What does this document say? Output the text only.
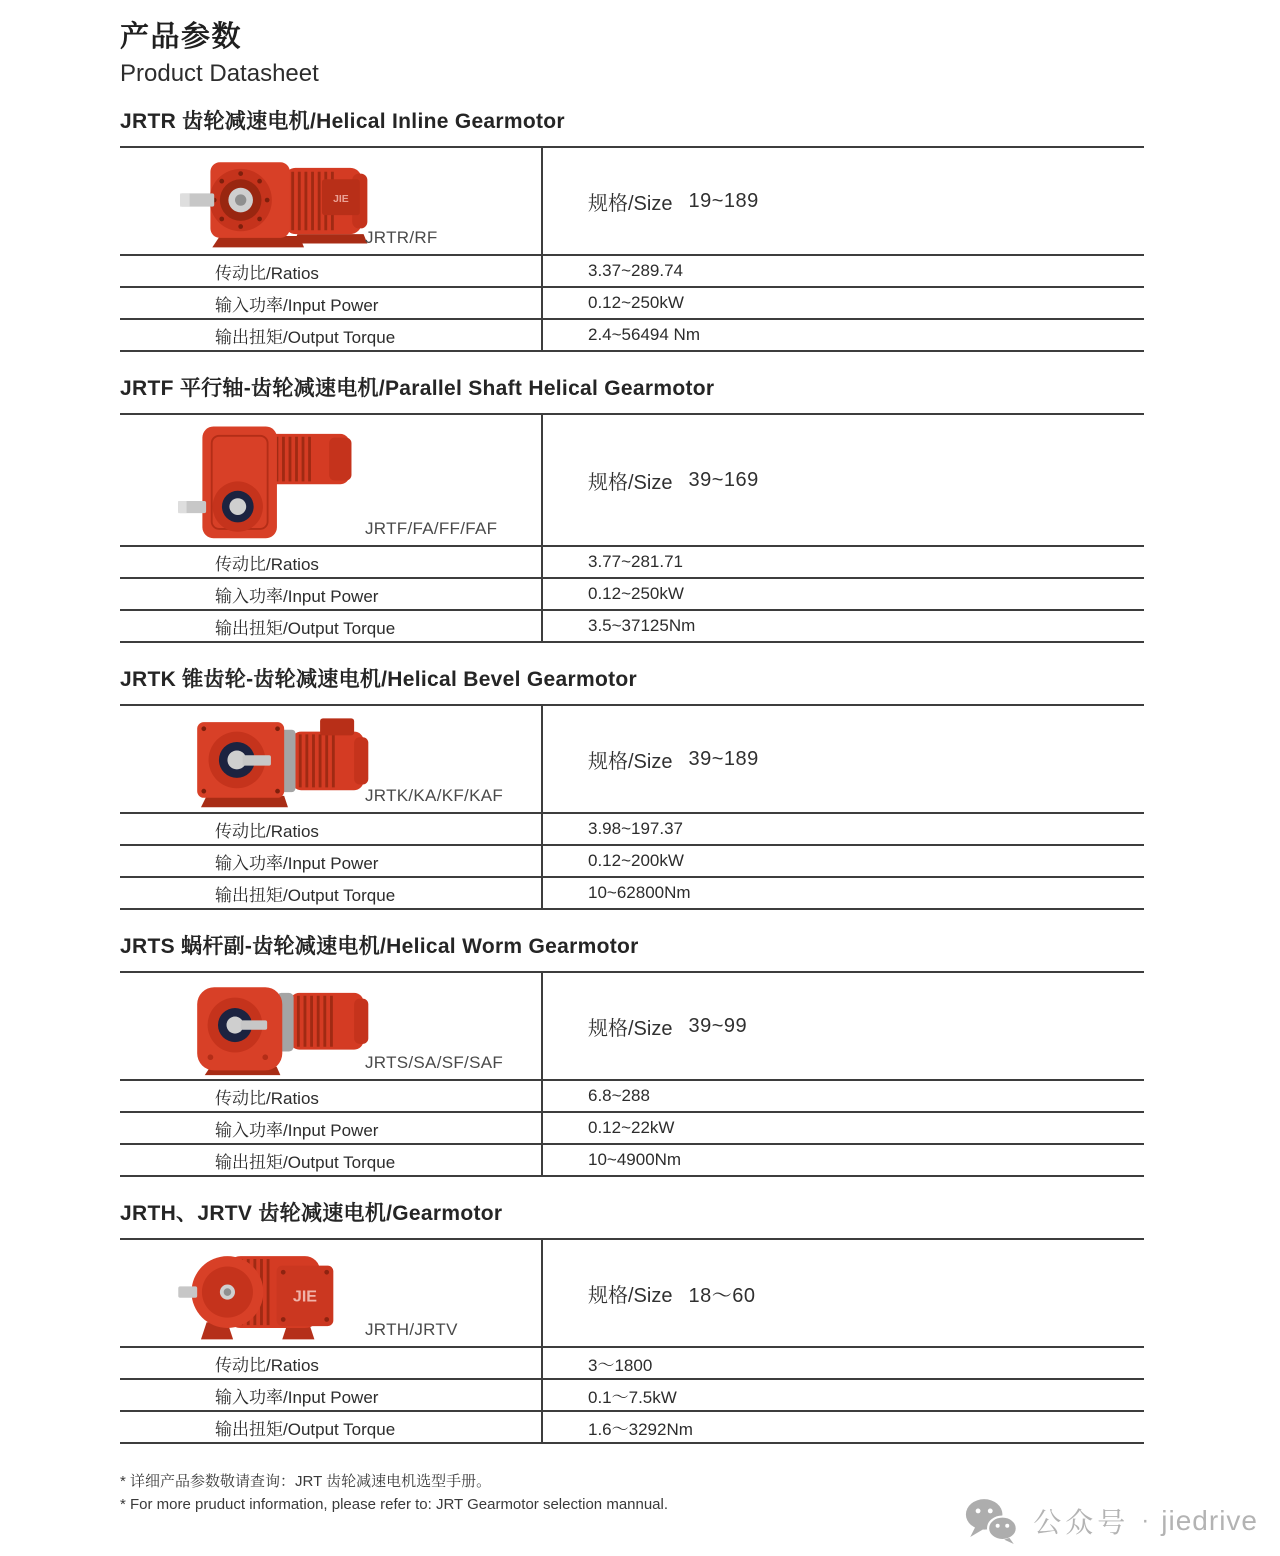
产品参数
Product Datasheet
JRTR 齿轮减速电机/Helical Inline Gearmotor
JIE
JRTR/RF
规格/Size 19~189
传动比/Ratios	3.37~289.74
输入功率/Input Power	0.12~250kW
输出扭矩/Output Torque	2.4~56494 Nm
JRTF 平行轴-齿轮减速电机/Parallel Shaft Helical Gearmotor
JRTF/FA/FF/FAF
规格/Size 39~169
传动比/Ratios	3.77~281.71
输入功率/Input Power	0.12~250kW
输出扭矩/Output Torque	3.5~37125Nm
JRTK 锥齿轮-齿轮减速电机/Helical Bevel Gearmotor
JRTK/KA/KF/KAF
规格/Size 39~189
传动比/Ratios	3.98~197.37
输入功率/Input Power	0.12~200kW
输出扭矩/Output Torque	10~62800Nm
JRTS 蜗杆副-齿轮减速电机/Helical Worm Gearmotor
JRTS/SA/SF/SAF
规格/Size 39~99
传动比/Ratios	6.8~288
输入功率/Input Power	0.12~22kW
输出扭矩/Output Torque	10~4900Nm
JRTH、JRTV 齿轮减速电机/Gearmotor
JIE
JRTH/JRTV
规格/Size 18～60
传动比/Ratios	3～1800
输入功率/Input Power	0.1～7.5kW
输出扭矩/Output Torque	1.6～3292Nm
* 详细产品参数敬请查询：JRT 齿轮减速电机选型手册。
* For more pruduct information, please refer to: JRT Gearmotor selection mannual.
公众号 · jiedrive
